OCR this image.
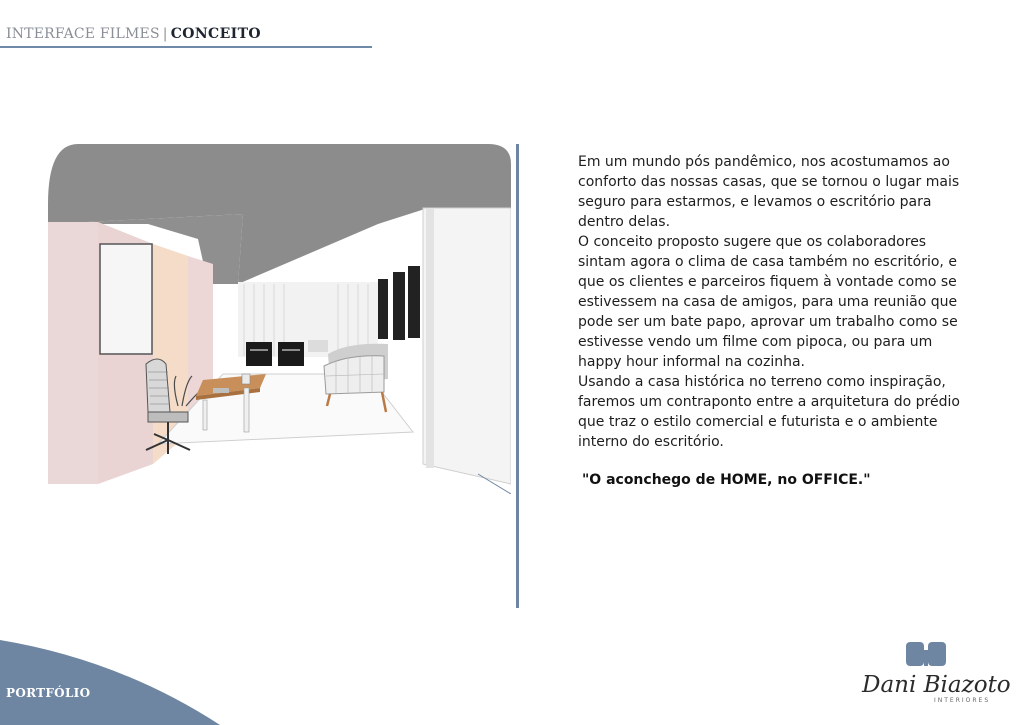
INTERFACE FILMES | CONCEITO

Em um mundo pós pandêmico, nos acostumamos ao conforto das nossas casas, que se tornou o lugar mais seguro para estarmos, e levamos o escritório para dentro delas.

O conceito proposto sugere que os colaboradores sintam agora o clima de casa também no escritório, e que os clientes e parceiros fiquem à vontade como se estivessem na casa de amigos, para uma reunião que pode ser um bate papo, aprovar um trabalho como se estivesse vendo um filme com pipoca, ou para um happy hour informal na cozinha.

Usando a casa histórica no terreno como inspiração, faremos um contraponto entre a arquitetura do prédio que traz o estilo comercial e futurista e o ambiente interno do escritório.

"O aconchego de HOME, no OFFICE."
PORTFÓLIO	Dani Biazoto
INTERIORES
